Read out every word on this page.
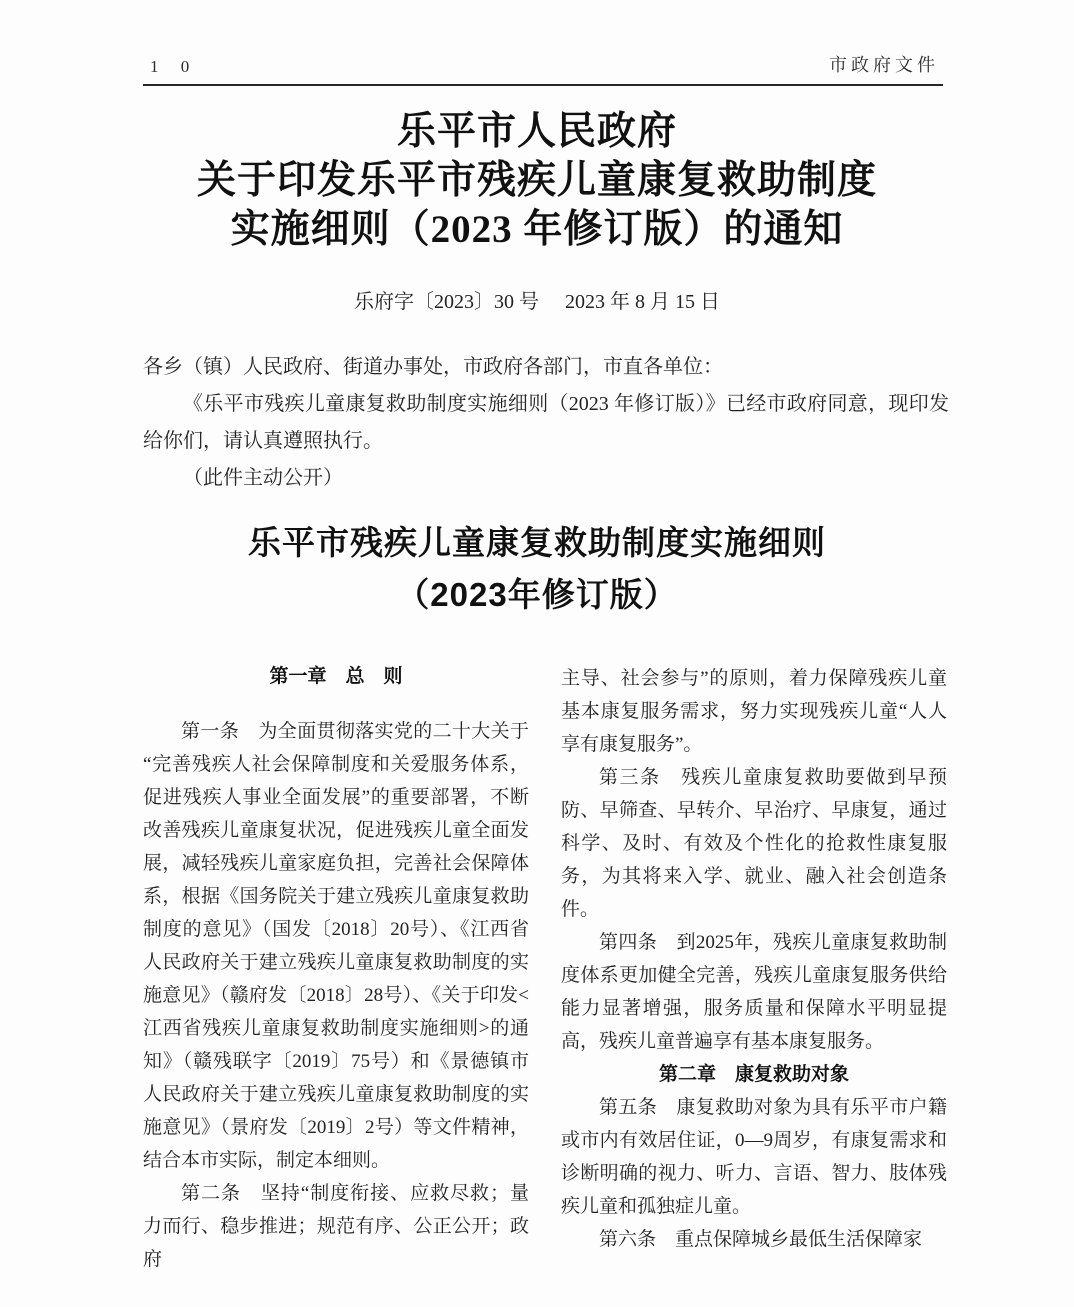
1 0	市政府文件
乐平市人民政府
关于印发乐平市残疾儿童康复救助制度
实施细则（2023 年修订版）的通知
乐府字〔2023〕30 号 2023 年 8 月 15 日

各乡（镇）人民政府、街道办事处，市政府各部门，市直各单位：

《乐平市残疾儿童康复救助制度实施细则（2023 年修订版）》已经市政府同意，现印发给你们，请认真遵照执行。

（此件主动公开）

乐平市残疾儿童康复救助制度实施细则
（2023年修订版）

第一章　总　则

第一条　为全面贯彻落实党的二十大关于“完善残疾人社会保障制度和关爱服务体系，促进残疾人事业全面发展”的重要部署，不断改善残疾儿童康复状况，促进残疾儿童全面发展，减轻残疾儿童家庭负担，完善社会保障体系，根据《国务院关于建立残疾儿童康复救助制度的意见》（国发〔2018〕20号）、《江西省人民政府关于建立残疾儿童康复救助制度的实施意见》（赣府发〔2018〕28号）、《关于印发<江西省残疾儿童康复救助制度实施细则>的通知》（赣残联字〔2019〕75号）和《景德镇市人民政府关于建立残疾儿童康复救助制度的实施意见》（景府发〔2019〕2号）等文件精神，结合本市实际，制定本细则。

第二条　坚持“制度衔接、应救尽救；量力而行、稳步推进；规范有序、公正公开；政府

主导、社会参与”的原则，着力保障残疾儿童基本康复服务需求，努力实现残疾儿童“人人享有康复服务”。

第三条　残疾儿童康复救助要做到早预防、早筛查、早转介、早治疗、早康复，通过科学、及时、有效及个性化的抢救性康复服务，为其将来入学、就业、融入社会创造条件。

第四条　到2025年，残疾儿童康复救助制度体系更加健全完善，残疾儿童康复服务供给能力显著增强，服务质量和保障水平明显提高，残疾儿童普遍享有基本康复服务。

第二章　康复救助对象

第五条　康复救助对象为具有乐平市户籍或市内有效居住证，0—9周岁，有康复需求和诊断明确的视力、听力、言语、智力、肢体残疾儿童和孤独症儿童。

第六条　重点保障城乡最低生活保障家
